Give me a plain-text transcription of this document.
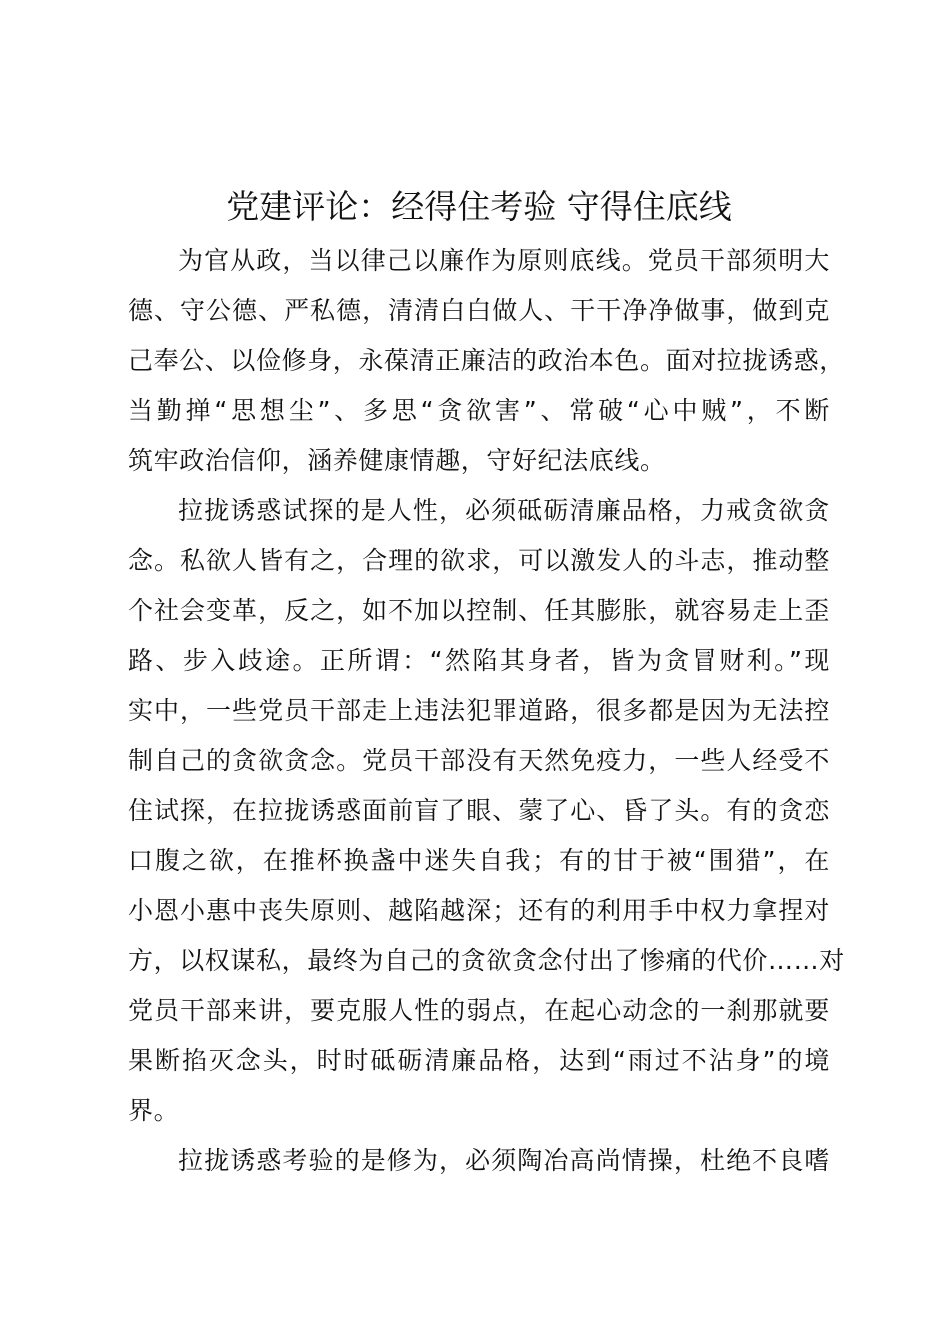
党建评论：经得住考验 守得住底线

为官从政，当以律己以廉作为原则底线。党员干部须明大
德、守公德、严私德，清清白白做人、干干净净做事，做到克
己奉公、以俭修身，永葆清正廉洁的政治本色。面对拉拢诱惑，
当勤掸“思想尘”、多思“贪欲害”、常破“心中贼”，不断
筑牢政治信仰，涵养健康情趣，守好纪法底线。

拉拢诱惑试探的是人性，必须砥砺清廉品格，力戒贪欲贪
念。私欲人皆有之，合理的欲求，可以激发人的斗志，推动整
个社会变革，反之，如不加以控制、任其膨胀，就容易走上歪
路、步入歧途。正所谓：“然陷其身者，皆为贪冒财利。”现
实中，一些党员干部走上违法犯罪道路，很多都是因为无法控
制自己的贪欲贪念。党员干部没有天然免疫力，一些人经受不
住试探，在拉拢诱惑面前盲了眼、蒙了心、昏了头。有的贪恋
口腹之欲，在推杯换盏中迷失自我；有的甘于被“围猎”，在
小恩小惠中丧失原则、越陷越深；还有的利用手中权力拿捏对
方，以权谋私，最终为自己的贪欲贪念付出了惨痛的代价……对
党员干部来讲，要克服人性的弱点，在起心动念的一刹那就要
果断掐灭念头，时时砥砺清廉品格，达到“雨过不沾身”的境
界。

拉拢诱惑考验的是修为，必须陶冶高尚情操，杜绝不良嗜
